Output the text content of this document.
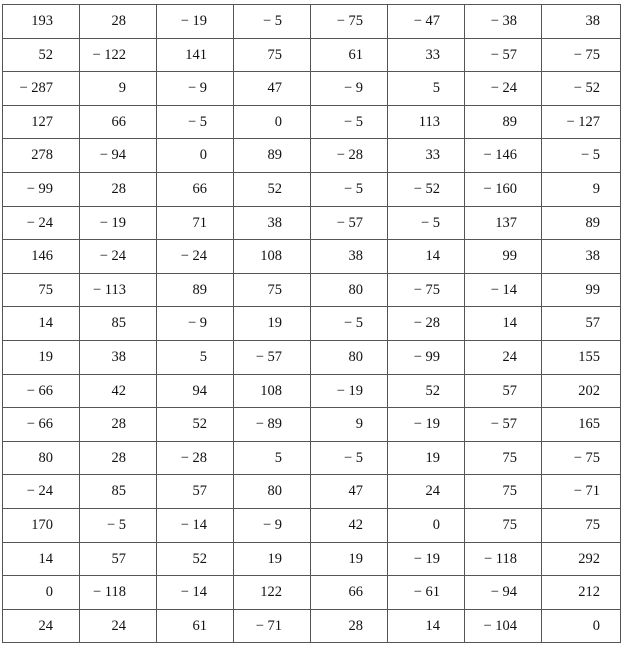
193	28	− 19	− 5	− 75	− 47	− 38	38
52	− 122	141	75	61	33	− 57	− 75
− 287	9	− 9	47	− 9	5	− 24	− 52
127	66	− 5	0	− 5	113	89	− 127
278	− 94	0	89	− 28	33	− 146	− 5
− 99	28	66	52	− 5	− 52	− 160	9
− 24	− 19	71	38	− 57	− 5	137	89
146	− 24	− 24	108	38	14	99	38
75	− 113	89	75	80	− 75	− 14	99
14	85	− 9	19	− 5	− 28	14	57
19	38	5	− 57	80	− 99	24	155
− 66	42	94	108	− 19	52	57	202
− 66	28	52	− 89	9	− 19	− 57	165
80	28	− 28	5	− 5	19	75	− 75
− 24	85	57	80	47	24	75	− 71
170	− 5	− 14	− 9	42	0	75	75
14	57	52	19	19	− 19	− 118	292
0	− 118	− 14	122	66	− 61	− 94	212
24	24	61	− 71	28	14	− 104	0
